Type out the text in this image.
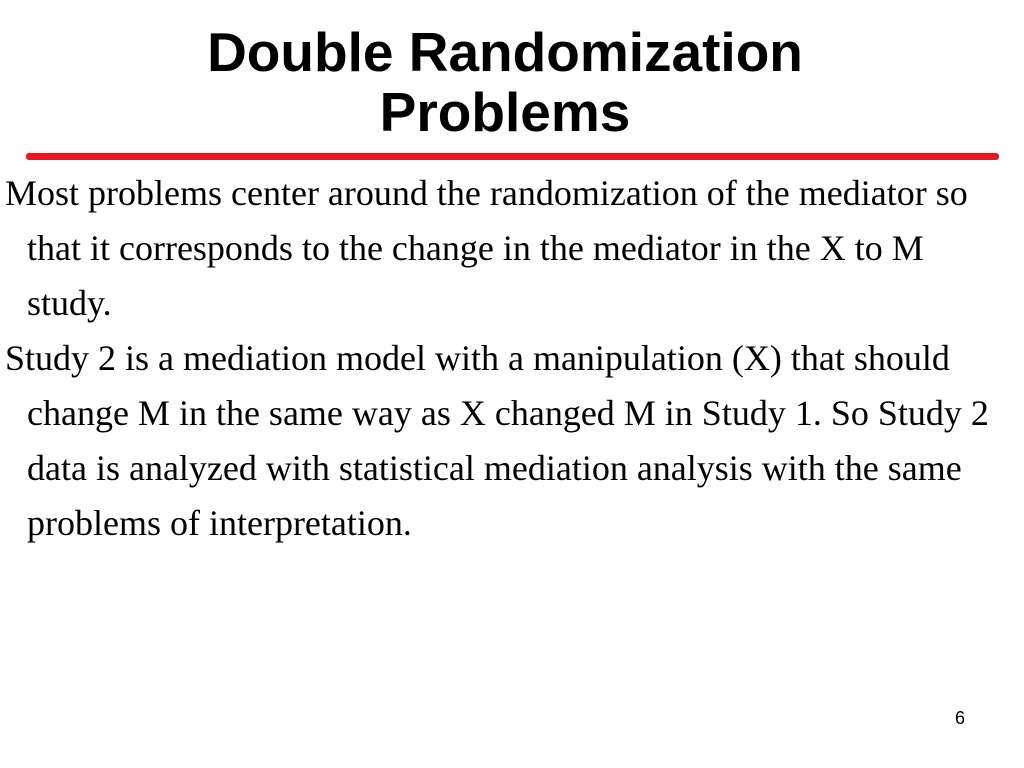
Double Randomization
Problems

Most problems center around the randomization of the mediator so that it corresponds to the change in the mediator in the X to M study.

Study 2 is a mediation model with a manipulation (X) that should change M in the same way as X changed M in Study 1. So Study 2 data is analyzed with statistical mediation analysis with the same problems of interpretation.

6
